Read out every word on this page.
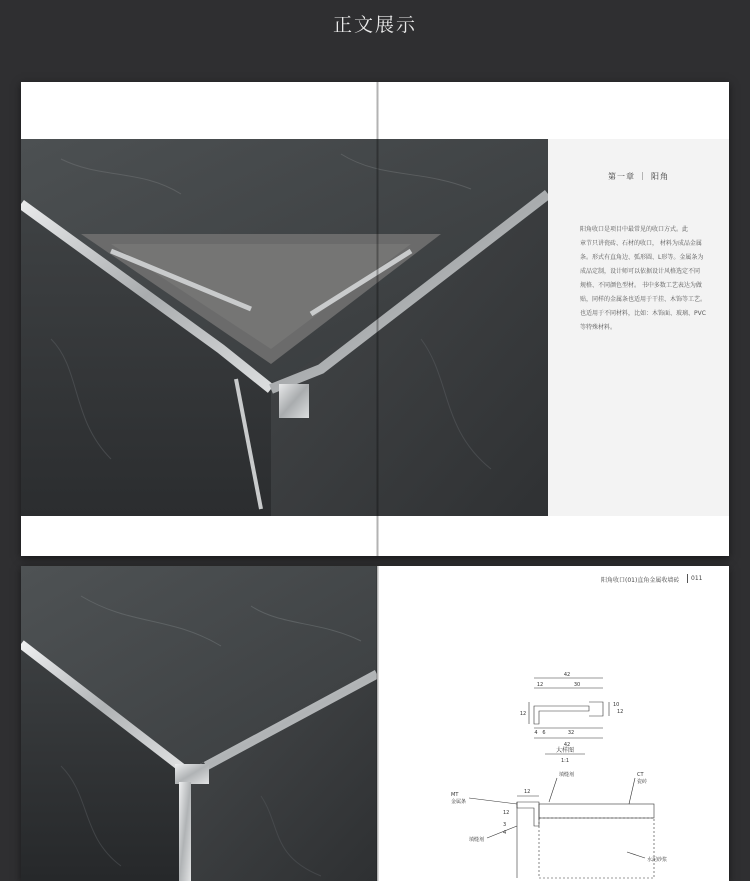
正文展示
第一章 ｜ 阳角
阳角收口是项目中最常见的收口方式。此
章节只讲瓷砖、石材的收口， 材料为成品金属
条。形式有直角边、弧形圆、L形等。金属条为
成品定制，设计师可以依据设计风格选定不同
规格、不同颜色型材。 书中多数工艺表达为做
贴，同样的金属条也适用于干挂、木饰等工艺。
也适用于不同材料，比如：木饰面、玻璃、PVC
等特殊材料。
阳角收口(01)直角金属收墙砖 011
42
12	30
12
10
12
4 6	32
42
大样图
1:1
CT
瓷砖
填缝剂
MT
金属条
12
12
3
4
填缝剂
水泥砂浆
